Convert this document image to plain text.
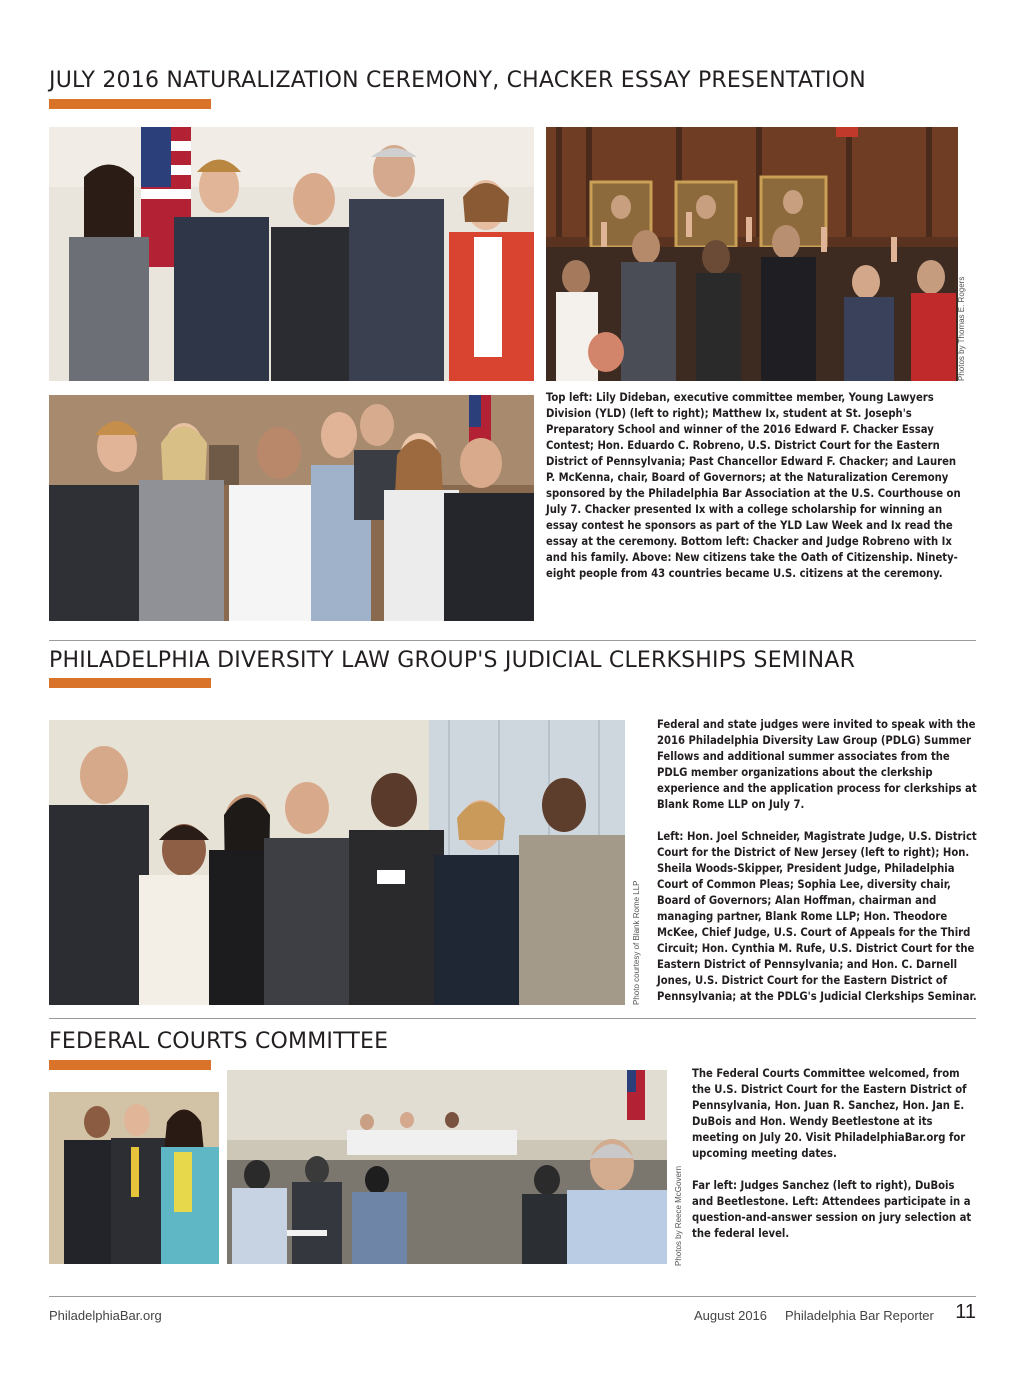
JULY 2016 NATURALIZATION CEREMONY, CHACKER ESSAY PRESENTATION
Photos by Thomas E. Rogers

Top left: Lily Dideban, executive committee member, Young Lawyers Division (YLD) (left to right); Matthew Ix, student at St. Joseph's Preparatory School and winner of the 2016 Edward F. Chacker Essay Contest; Hon. Eduardo C. Robreno, U.S. District Court for the Eastern District of Pennsylvania; Past Chancellor Edward F. Chacker; and Lauren P. McKenna, chair, Board of Governors; at the Naturalization Ceremony sponsored by the Philadelphia Bar Association at the U.S. Courthouse on July 7. Chacker presented Ix with a college scholarship for winning an essay contest he sponsors as part of the YLD Law Week and Ix read the essay at the ceremony. Bottom left: Chacker and Judge Robreno with Ix and his family. Above: New citizens take the Oath of Citizenship. Ninety-eight people from 43 countries became U.S. citizens at the ceremony.

PHILADELPHIA DIVERSITY LAW GROUP'S JUDICIAL CLERKSHIPS SEMINAR
Photo courtesy of Blank Rome LLP

Federal and state judges were invited to speak with the 2016 Philadelphia Diversity Law Group (PDLG) Summer Fellows and additional summer associates from the PDLG member organizations about the clerkship experience and the application process for clerkships at Blank Rome LLP on July 7.

Left: Hon. Joel Schneider, Magistrate Judge, U.S. District Court for the District of New Jersey (left to right); Hon. Sheila Woods-Skipper, President Judge, Philadelphia Court of Common Pleas; Sophia Lee, diversity chair, Board of Governors; Alan Hoffman, chairman and managing partner, Blank Rome LLP; Hon. Theodore McKee, Chief Judge, U.S. Court of Appeals for the Third Circuit; Hon. Cynthia M. Rufe, U.S. District Court for the Eastern District of Pennsylvania; and Hon. C. Darnell Jones, U.S. District Court for the Eastern District of Pennsylvania; at the PDLG's Judicial Clerkships Seminar.

FEDERAL COURTS COMMITTEE
Photos by Reece McGovern

The Federal Courts Committee welcomed, from the U.S. District Court for the Eastern District of Pennsylvania, Hon. Juan R. Sanchez, Hon. Jan E. DuBois and Hon. Wendy Beetlestone at its meeting on July 20. Visit PhiladelphiaBar.org for upcoming meeting dates.

Far left: Judges Sanchez (left to right), DuBois and Beetlestone. Left: Attendees participate in a question-and-answer session on jury selection at the federal level.

PhiladelphiaBar.org	August 2016 Philadelphia Bar Reporter 11
